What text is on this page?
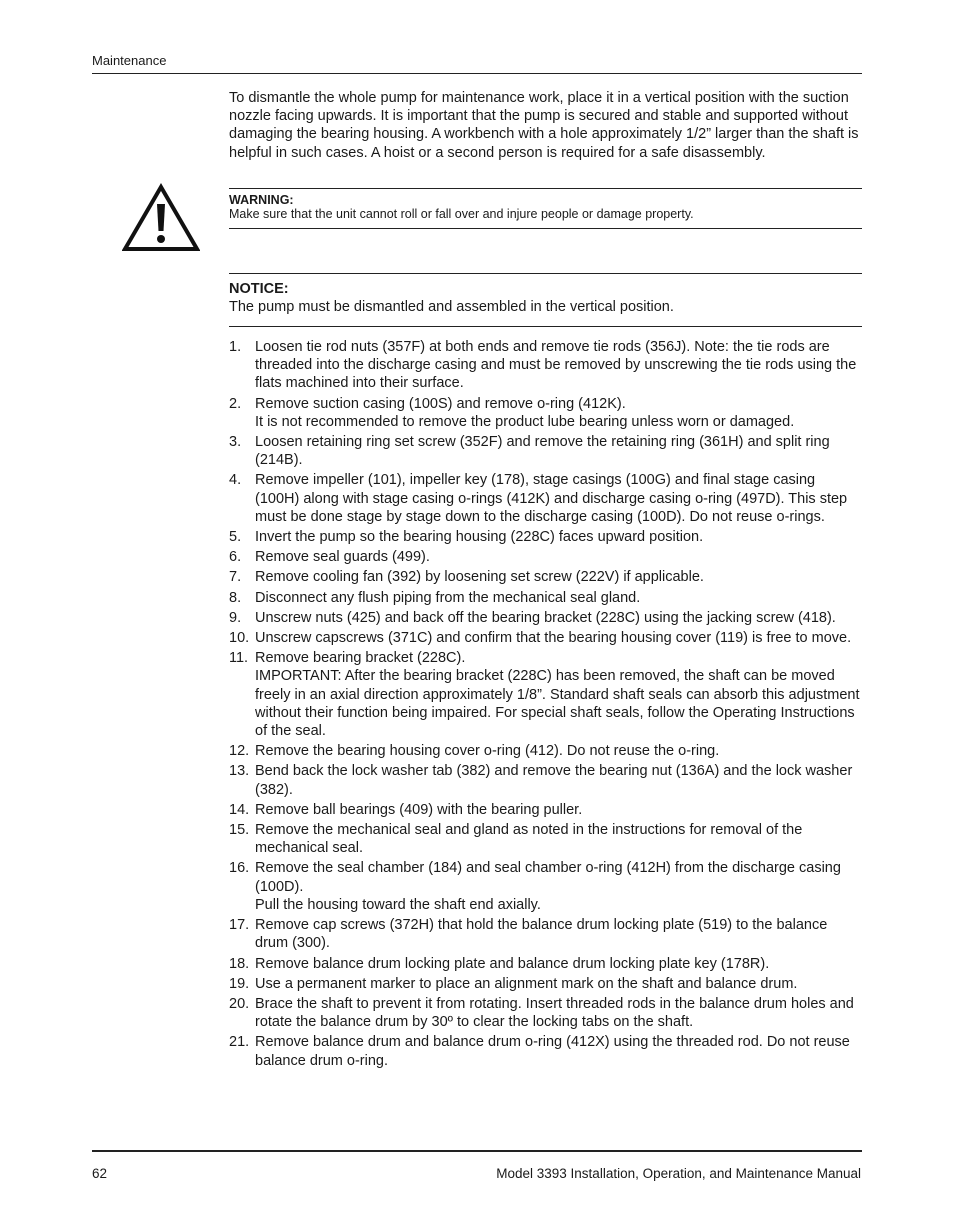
Maintenance
To dismantle the whole pump for maintenance work, place it in a vertical position with the suction nozzle facing upwards. It is important that the pump is secured and stable and supported without damaging the bearing housing. A workbench with a hole approximately 1/2” larger than the shaft is helpful in such cases. A hoist or a second person is required for a safe disassembly.
WARNING:
Make sure that the unit cannot roll or fall over and injure people or damage property.
NOTICE:
The pump must be dismantled and assembled in the vertical position.
1. Loosen tie rod nuts (357F) at both ends and remove tie rods (356J). Note: the tie rods are threaded into the discharge casing and must be removed by unscrewing the tie rods using the flats machined into their surface.

2. Remove suction casing (100S) and remove o-ring (412K).

It is not recommended to remove the product lube bearing unless worn or damaged.

3. Loosen retaining ring set screw (352F) and remove the retaining ring (361H) and split ring (214B).

4. Remove impeller (101), impeller key (178), stage casings (100G) and final stage casing (100H) along with stage casing o-rings (412K) and discharge casing o-ring (497D). This step must be done stage by stage down to the discharge casing (100D). Do not reuse o-rings.

5. Invert the pump so the bearing housing (228C) faces upward position.

6. Remove seal guards (499).

7. Remove cooling fan (392) by loosening set screw (222V) if applicable.

8. Disconnect any flush piping from the mechanical seal gland.

9. Unscrew nuts (425) and back off the bearing bracket (228C) using the jacking screw (418).

10. Unscrew capscrews (371C) and confirm that the bearing housing cover (119) is free to move.

11. Remove bearing bracket (228C).

IMPORTANT: After the bearing bracket (228C) has been removed, the shaft can be moved freely in an axial direction approximately 1/8”. Standard shaft seals can absorb this adjustment without their function being impaired. For special shaft seals, follow the Operating Instructions of the seal.

12. Remove the bearing housing cover o-ring (412). Do not reuse the o-ring.

13. Bend back the lock washer tab (382) and remove the bearing nut (136A) and the lock washer (382).

14. Remove ball bearings (409) with the bearing puller.

15. Remove the mechanical seal and gland as noted in the instructions for removal of the mechanical seal.

16. Remove the seal chamber (184) and seal chamber o-ring (412H) from the discharge casing (100D).

Pull the housing toward the shaft end axially.

17. Remove cap screws (372H) that hold the balance drum locking plate (519) to the balance drum (300).

18. Remove balance drum locking plate and balance drum locking plate key (178R).

19. Use a permanent marker to place an alignment mark on the shaft and balance drum.

20. Brace the shaft to prevent it from rotating. Insert threaded rods in the balance drum holes and rotate the balance drum by 30º to clear the locking tabs on the shaft.

21. Remove balance drum and balance drum o-ring (412X) using the threaded rod. Do not reuse balance drum o-ring.

62	Model 3393 Installation, Operation, and Maintenance Manual
